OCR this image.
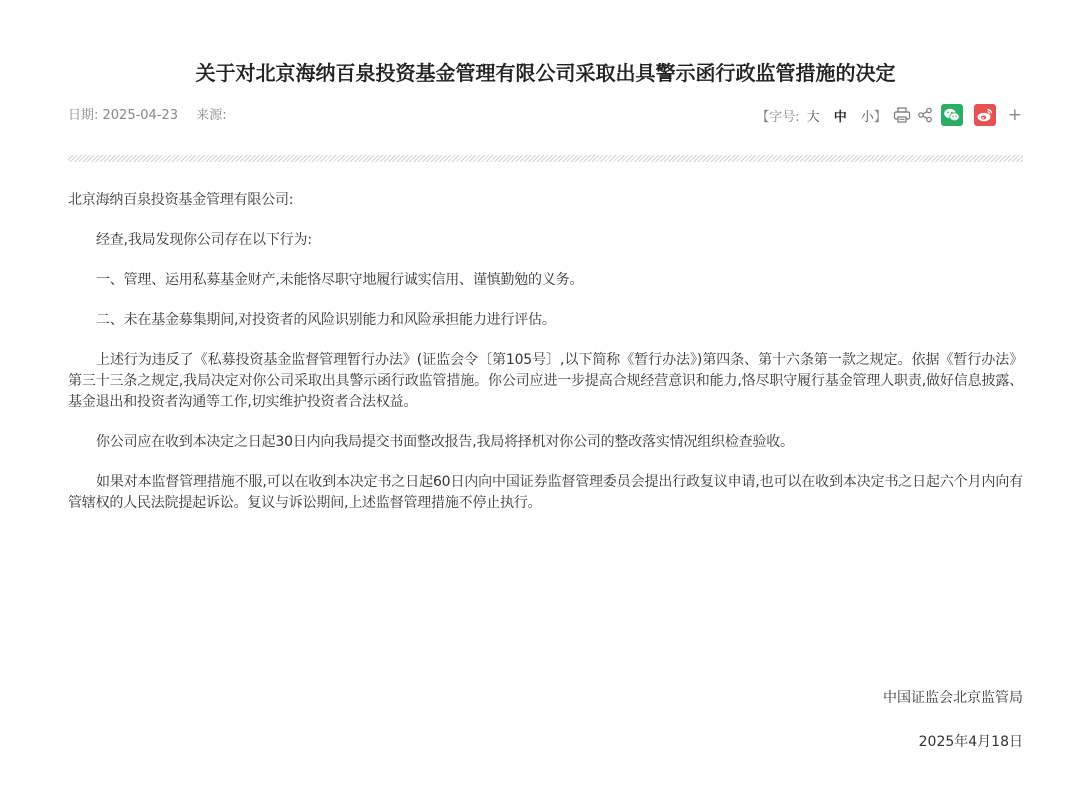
关于对北京海纳百泉投资基金管理有限公司采取出具警示函行政监管措施的决定
日期: 2025-04-23 来源:	【字号: 大 中 小 】	+

北京海纳百泉投资基金管理有限公司:

经查,我局发现你公司存在以下行为:

一、管理、运用私募基金财产,未能恪尽职守地履行诚实信用、谨慎勤勉的义务。

二、未在基金募集期间,对投资者的风险识别能力和风险承担能力进行评估。

上述行为违反了《私募投资基金监督管理暂行办法》(证监会令〔第105号〕,以下简称《暂行办法》)第四条、第十六条第一款之规定。依据《暂行办法》第三十三条之规定,我局决定对你公司采取出具警示函行政监管措施。你公司应进一步提高合规经营意识和能力,恪尽职守履行基金管理人职责,做好信息披露、基金退出和投资者沟通等工作,切实维护投资者合法权益。

你公司应在收到本决定之日起30日内向我局提交书面整改报告,我局将择机对你公司的整改落实情况组织检查验收。

如果对本监督管理措施不服,可以在收到本决定书之日起60日内向中国证券监督管理委员会提出行政复议申请,也可以在收到本决定书之日起六个月内向有管辖权的人民法院提起诉讼。复议与诉讼期间,上述监督管理措施不停止执行。

中国证监会北京监管局
2025年4月18日
